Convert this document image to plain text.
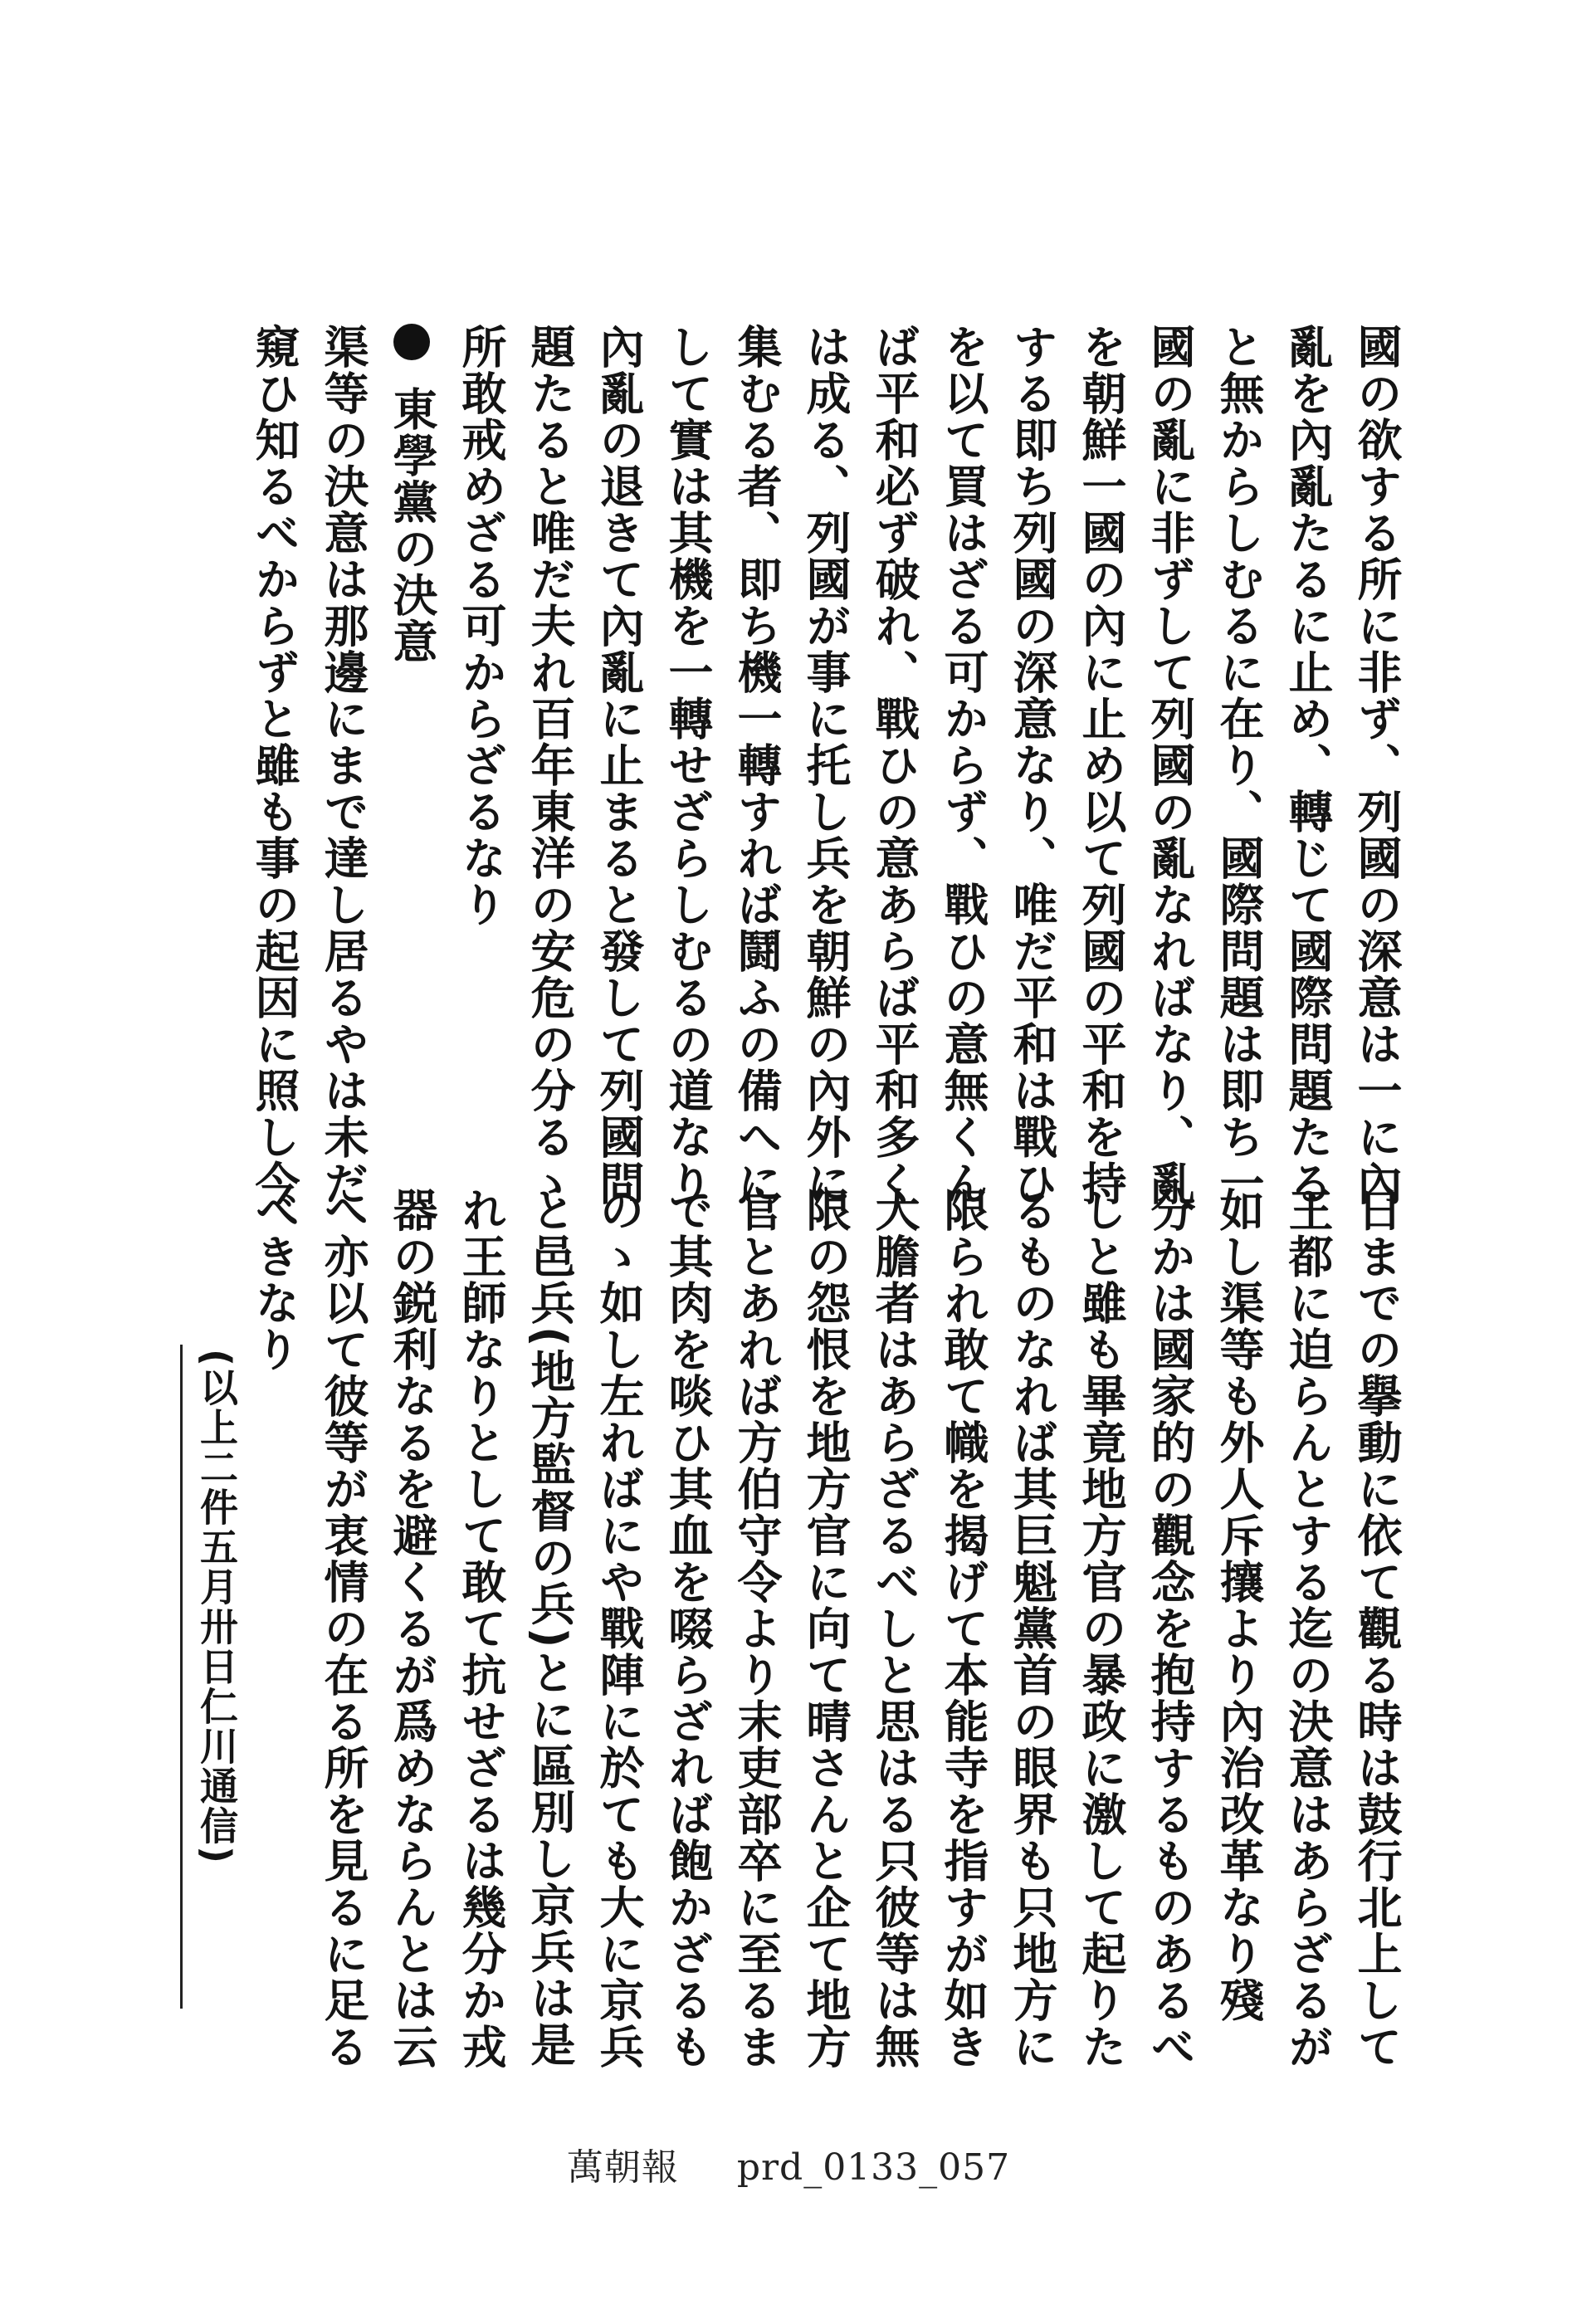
國の欲する所に非ず、列國の深意は一に內
亂を內亂たるに止め、轉じて國際問題たる
と無からしむるに在り、國際問題は即ち一
國の亂に非ずして列國の亂なればなり、亂
を朝鮮一國の內に止め以て列國の平和を持
する即ち列國の深意なり、唯だ平和は戰ひ
を以て買はざる可からず、戰ひの意無くん
ば平和必ず破れ、戰ひの意あらば平和多く
は成る、列國が事に托し兵を朝鮮の內外に
集むる者、即ち機一轉すれば鬪ふの備へに
して實は其機を一轉せざらしむるの道なり
內亂の退きて內亂に止まると發して列國問
題たると唯だ夫れ百年東洋の安危の分るゝ
所敢戒めざる可からざるなり
東學黨の決意
渠等の決意は那邊にまで達し居るやは未だ
窺ひ知るべからずと雖も事の起因に照し今
日までの擧動に依て觀る時は鼓行北上して
王都に迫らんとする迄の決意はあらざるが
如し渠等も外人斥攘より內治改革なり殘
分かは國家的の觀念を抱持するものあるべ
しと雖も畢竟地方官の暴政に激して起りた
るものなれば其巨魁黨首の眼界も只地方に
限られ敢て幟を揭げて本能寺を指すが如き
大膽者はあらざるべしと思はる只彼等は無
限の怨恨を地方官に向て晴さんと企て地方
官とあれば方伯守令より末吏部卒に至るま
で其肉を啖ひ其血を啜らざれば飽かざるも
のゝ如し左ればにや戰陣に於ても大に京兵
と邑兵(地方監督の兵)とに區別し京兵は是
れ王師なりとして敢て抗せざるは幾分か戎
器の鋭利なるを避くるが爲めならんとは云
へ亦以て彼等が衷情の在る所を見るに足る
べきなり
(以上二件五月卅日仁川通信)
萬朝報 prd_0133_057
